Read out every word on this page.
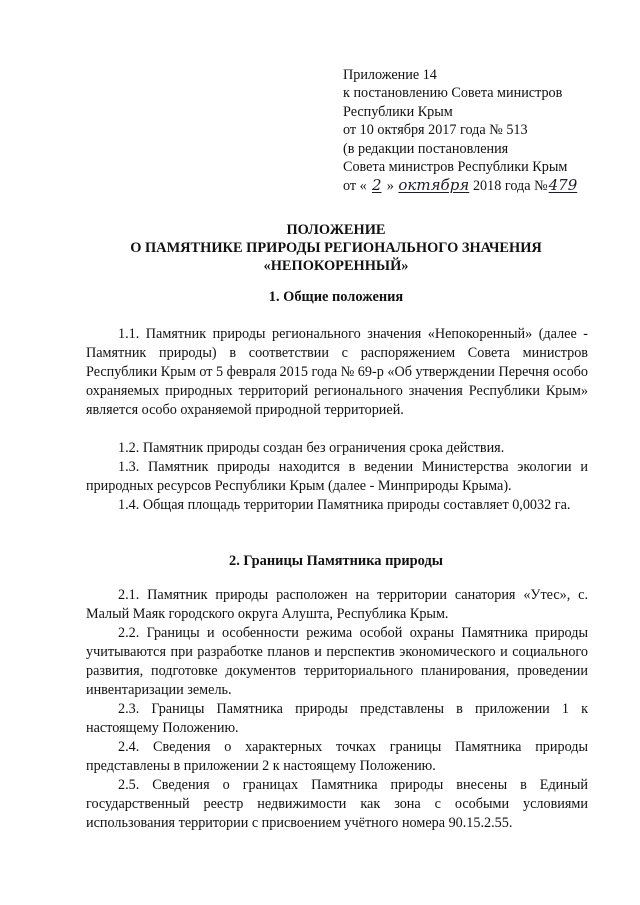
Приложение 14
к постановлению Совета министров
Республики Крым
от 10 октября 2017 года № 513
(в редакции постановления
Совета министров Республики Крым
от « 2 » октября 2018 года №479
ПОЛОЖЕНИЕ
О ПАМЯТНИКЕ ПРИРОДЫ РЕГИОНАЛЬНОГО ЗНАЧЕНИЯ
«НЕПОКОРЕННЫЙ»
1. Общие положения
1.1. Памятник природы регионального значения «Непокоренный» (далее - Памятник природы) в соответствии с распоряжением Совета министров Республики Крым от 5 февраля 2015 года № 69-р «Об утверждении Перечня особо охраняемых природных территорий регионального значения Республики Крым» является особо охраняемой природной территорией.
1.2. Памятник природы создан без ограничения срока действия.
1.3. Памятник природы находится в ведении Министерства экологии и природных ресурсов Республики Крым (далее - Минприроды Крыма).
1.4. Общая площадь территории Памятника природы составляет 0,0032 га.
2. Границы Памятника природы
2.1. Памятник природы расположен на территории санатория «Утес», с. Малый Маяк городского округа Алушта, Республика Крым.
2.2. Границы и особенности режима особой охраны Памятника природы учитываются при разработке планов и перспектив экономического и социального развития, подготовке документов территориального планирования, проведении инвентаризации земель.
2.3. Границы Памятника природы представлены в приложении 1 к настоящему Положению.
2.4. Сведения о характерных точках границы Памятника природы представлены в приложении 2 к настоящему Положению.
2.5. Сведения о границах Памятника природы внесены в Единый государственный реестр недвижимости как зона с особыми условиями использования территории с присвоением учётного номера 90.15.2.55.
